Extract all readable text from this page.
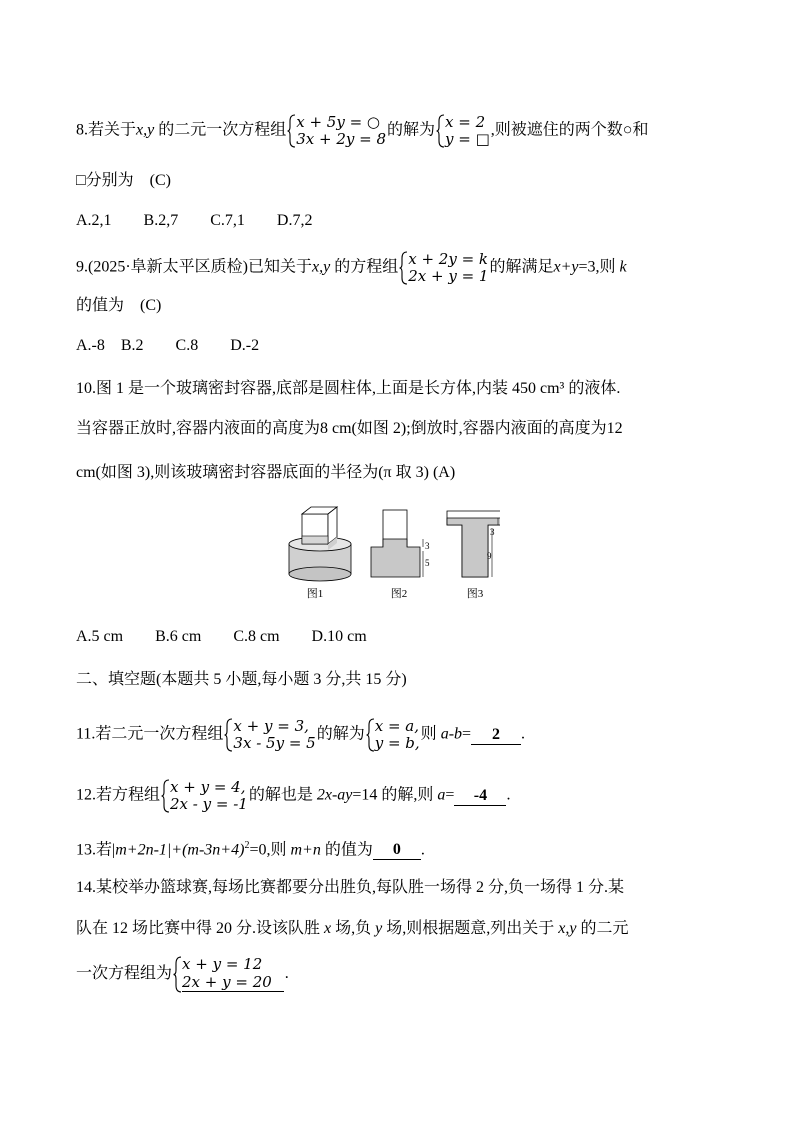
8.若关于x,y 的二元一次方程组 x + 5y = ○
3x + 2y = 8 的解为 x = 2
y = □ ,则被遮住的两个数○和
□分别为　(C)
A.2,1　　B.2,7　　C.7,1　　D.7,2
9.(2025·阜新太平区质检)已知关于x,y 的方程组 x + 2y = k
2x + y = 1 的解满足x+y=3,则 k
的值为　(C)
A.-8　B.2　　C.8　　D.-2
10.图 1 是一个玻璃密封容器,底部是圆柱体,上面是长方体,内装 450 cm³ 的液体.
当容器正放时,容器内液面的高度为8 cm(如图 2);倒放时,容器内液面的高度为12
cm(如图 3),则该玻璃密封容器底面的半径为(π 取 3) (A)
图1
3
5
图2
3
9
图3
A.5 cm　　B.6 cm　　C.8 cm　　D.10 cm
二、填空题(本题共 5 小题,每小题 3 分,共 15 分)
11.若二元一次方程组 x + y = 3,
3x - 5y = 5 的解为 x = a,
y = b, 则 a-b= 2 .
12.若方程组 x + y = 4,
2x - y = -1 的解也是 2x-ay=14 的解,则 a= -4 .
13.若$|m+2n-1|+(m-3n+4)^2=0$,则 m+n 的值为 0 .
14.某校举办篮球赛,每场比赛都要分出胜负,每队胜一场得 2 分,负一场得 1 分.某
队在 12 场比赛中得 20 分.设该队胜 x 场,负 y 场,则根据题意,列出关于 x,y 的二元
一次方程组为
x + y = 12
2x + y = 20 .
